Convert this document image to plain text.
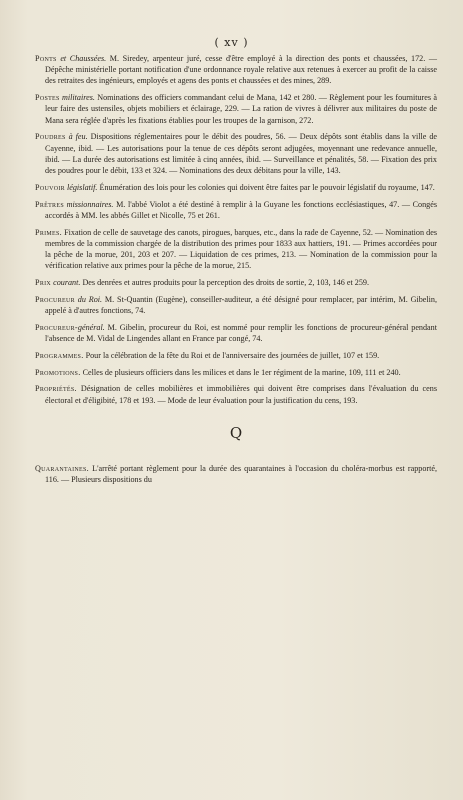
( xv )

Ponts et Chaussées. M. Siredey, arpenteur juré, cesse d'être employé à la direction des ponts et chaussées, 172. — Dépêche ministérielle portant notification d'une ordonnance royale relative aux retenues à exercer au profit de la caisse des retraites des ingénieurs, employés et agens des ponts et chaussées et des mines, 289.

Postes militaires. Nominations des officiers commandant celui de Mana, 142 et 280. — Règlement pour les fournitures à leur faire des ustensiles, objets mobiliers et éclairage, 229. — La ration de vivres à délivrer aux militaires du poste de Mana sera réglée d'après les fixations établies pour les troupes de la garnison, 272.

Poudres à feu. Dispositions réglementaires pour le débit des poudres, 56. — Deux dépôts sont établis dans la ville de Cayenne, ibid. — Les autorisations pour la tenue de ces dépôts seront adjugées, moyennant une redevance annuelle, ibid. — La durée des autorisations est limitée à cinq années, ibid. — Surveillance et pénalités, 58. — Fixation des prix des poudres pour le débit, 133 et 324. — Nominations des deux débitans pour la ville, 143.

Pouvoir législatif. Énumération des lois pour les colonies qui doivent être faites par le pouvoir législatif du royaume, 147.

Prêtres missionnaires. M. l'abbé Violot a été destiné à remplir à la Guyane les fonctions ecclésiastiques, 47. — Congés accordés à MM. les abbés Gillet et Nicolle, 75 et 261.

Primes. Fixation de celle de sauvetage des canots, pirogues, barques, etc., dans la rade de Cayenne, 52. — Nomination des membres de la commission chargée de la distribution des primes pour 1833 aux hattiers, 191. — Primes accordées pour la pêche de la morue, 201, 203 et 207. — Liquidation de ces primes, 213. — Nomination de la commission pour la vérification relative aux primes pour la pêche de la morue, 215.

Prix courant. Des denrées et autres produits pour la perception des droits de sortie, 2, 103, 146 et 259.

Procureur du Roi. M. St-Quantin (Eugène), conseiller-auditeur, a été désigné pour remplacer, par intérim, M. Gibelin, appelé à d'autres fonctions, 74.

Procureur-général. M. Gibelin, procureur du Roi, est nommé pour remplir les fonctions de procureur-général pendant l'absence de M. Vidal de Lingendes allant en France par congé, 74.

Programmes. Pour la célébration de la fête du Roi et de l'anniversaire des journées de juillet, 107 et 159.

Promotions. Celles de plusieurs officiers dans les milices et dans le 1er régiment de la marine, 109, 111 et 240.

Propriétés. Désignation de celles mobilières et immobilières qui doivent être comprises dans l'évaluation du cens électoral et d'éligibité, 178 et 193. — Mode de leur évaluation pour la justification du cens, 193.

Q

Quarantaines. L'arrêté portant règlement pour la durée des quarantaines à l'occasion du choléra-morbus est rapporté, 116. — Plusieurs dispositions du
